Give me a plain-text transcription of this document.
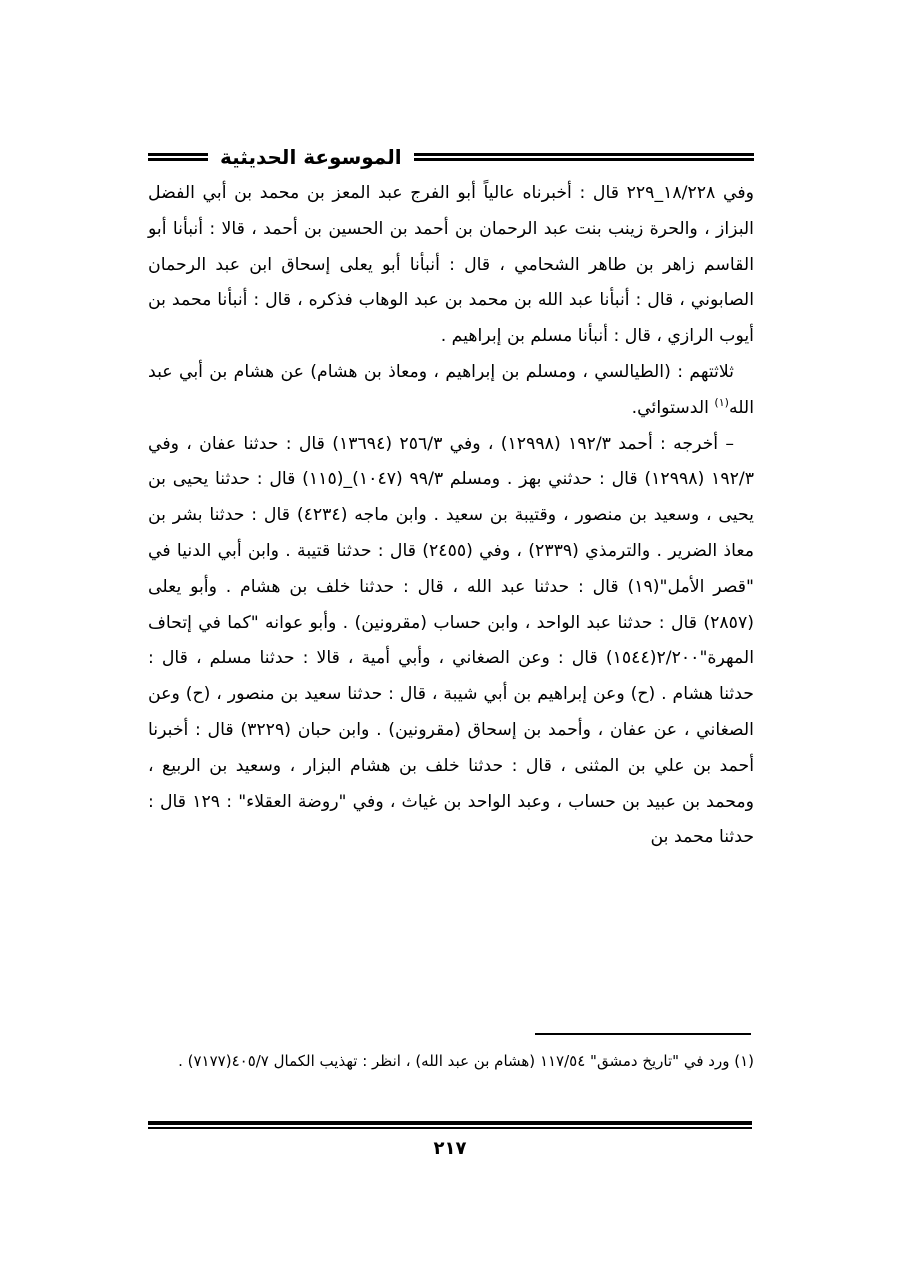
الموسوعة الحديثية

وفي ١٨/٢٢٨_٢٢٩ قال : أخبرناه عالياً أبو الفرج عبد المعز بن محمد بن أبي الفضل البزاز ، والحرة زينب بنت عبد الرحمان بن أحمد بن الحسين بن أحمد ، قالا : أنبأنا أبو القاسم زاهر بن طاهر الشحامي ، قال : أنبأنا أبو يعلى إسحاق ابن عبد الرحمان الصابوني ، قال : أنبأنا عبد الله بن محمد بن عبد الوهاب فذكره ، قال : أنبأنا محمد بن أيوب الرازي ، قال : أنبأنا مسلم بن إبراهيم .

ثلاثتهم : (الطيالسي ، ومسلم بن إبراهيم ، ومعاذ بن هشام) عن هشام بن أبي عبد الله$^{(١)}$ الدستوائي.

– أخرجه : أحمد ١٩٢/٣ (١٢٩٩٨) ، وفي ٢٥٦/٣ (١٣٦٩٤) قال : حدثنا عفان ، وفي ١٩٢/٣ (١٢٩٩٨) قال : حدثني بهز . ومسلم ٩٩/٣ (١٠٤٧)_(١١٥) قال : حدثنا يحيى بن يحيى ، وسعيد بن منصور ، وقتيبة بن سعيد . وابن ماجه (٤٢٣٤) قال : حدثنا بشر بن معاذ الضرير . والترمذي (٢٣٣٩) ، وفي (٢٤٥٥) قال : حدثنا قتيبة . وابن أبي الدنيا في "قصر الأمل"(١٩) قال : حدثنا عبد الله ، قال : حدثنا خلف بن هشام . وأبو يعلى (٢٨٥٧) قال : حدثنا عبد الواحد ، وابن حساب (مقرونين) . وأبو عوانه "كما في إتحاف المهرة"٢/٢٠٠(١٥٤٤) قال : وعن الصغاني ، وأبي أمية ، قالا : حدثنا مسلم ، قال : حدثنا هشام . (ح) وعن إبراهيم بن أبي شيبة ، قال : حدثنا سعيد بن منصور ، (ح) وعن الصغاني ، عن عفان ، وأحمد بن إسحاق (مقرونين) . وابن حبان (٣٢٢٩) قال : أخبرنا أحمد بن علي بن المثنى ، قال : حدثنا خلف بن هشام البزار ، وسعيد بن الربيع ، ومحمد بن عبيد بن حساب ، وعبد الواحد بن غياث ، وفي "روضة العقلاء" : ١٢٩ قال : حدثنا محمد بن

(١) ورد في "تاريخ دمشق" ١١٧/٥٤ (هشام بن عبد الله) ، انظر : تهذيب الكمال ٤٠٥/٧(٧١٧٧) .

٢١٧
